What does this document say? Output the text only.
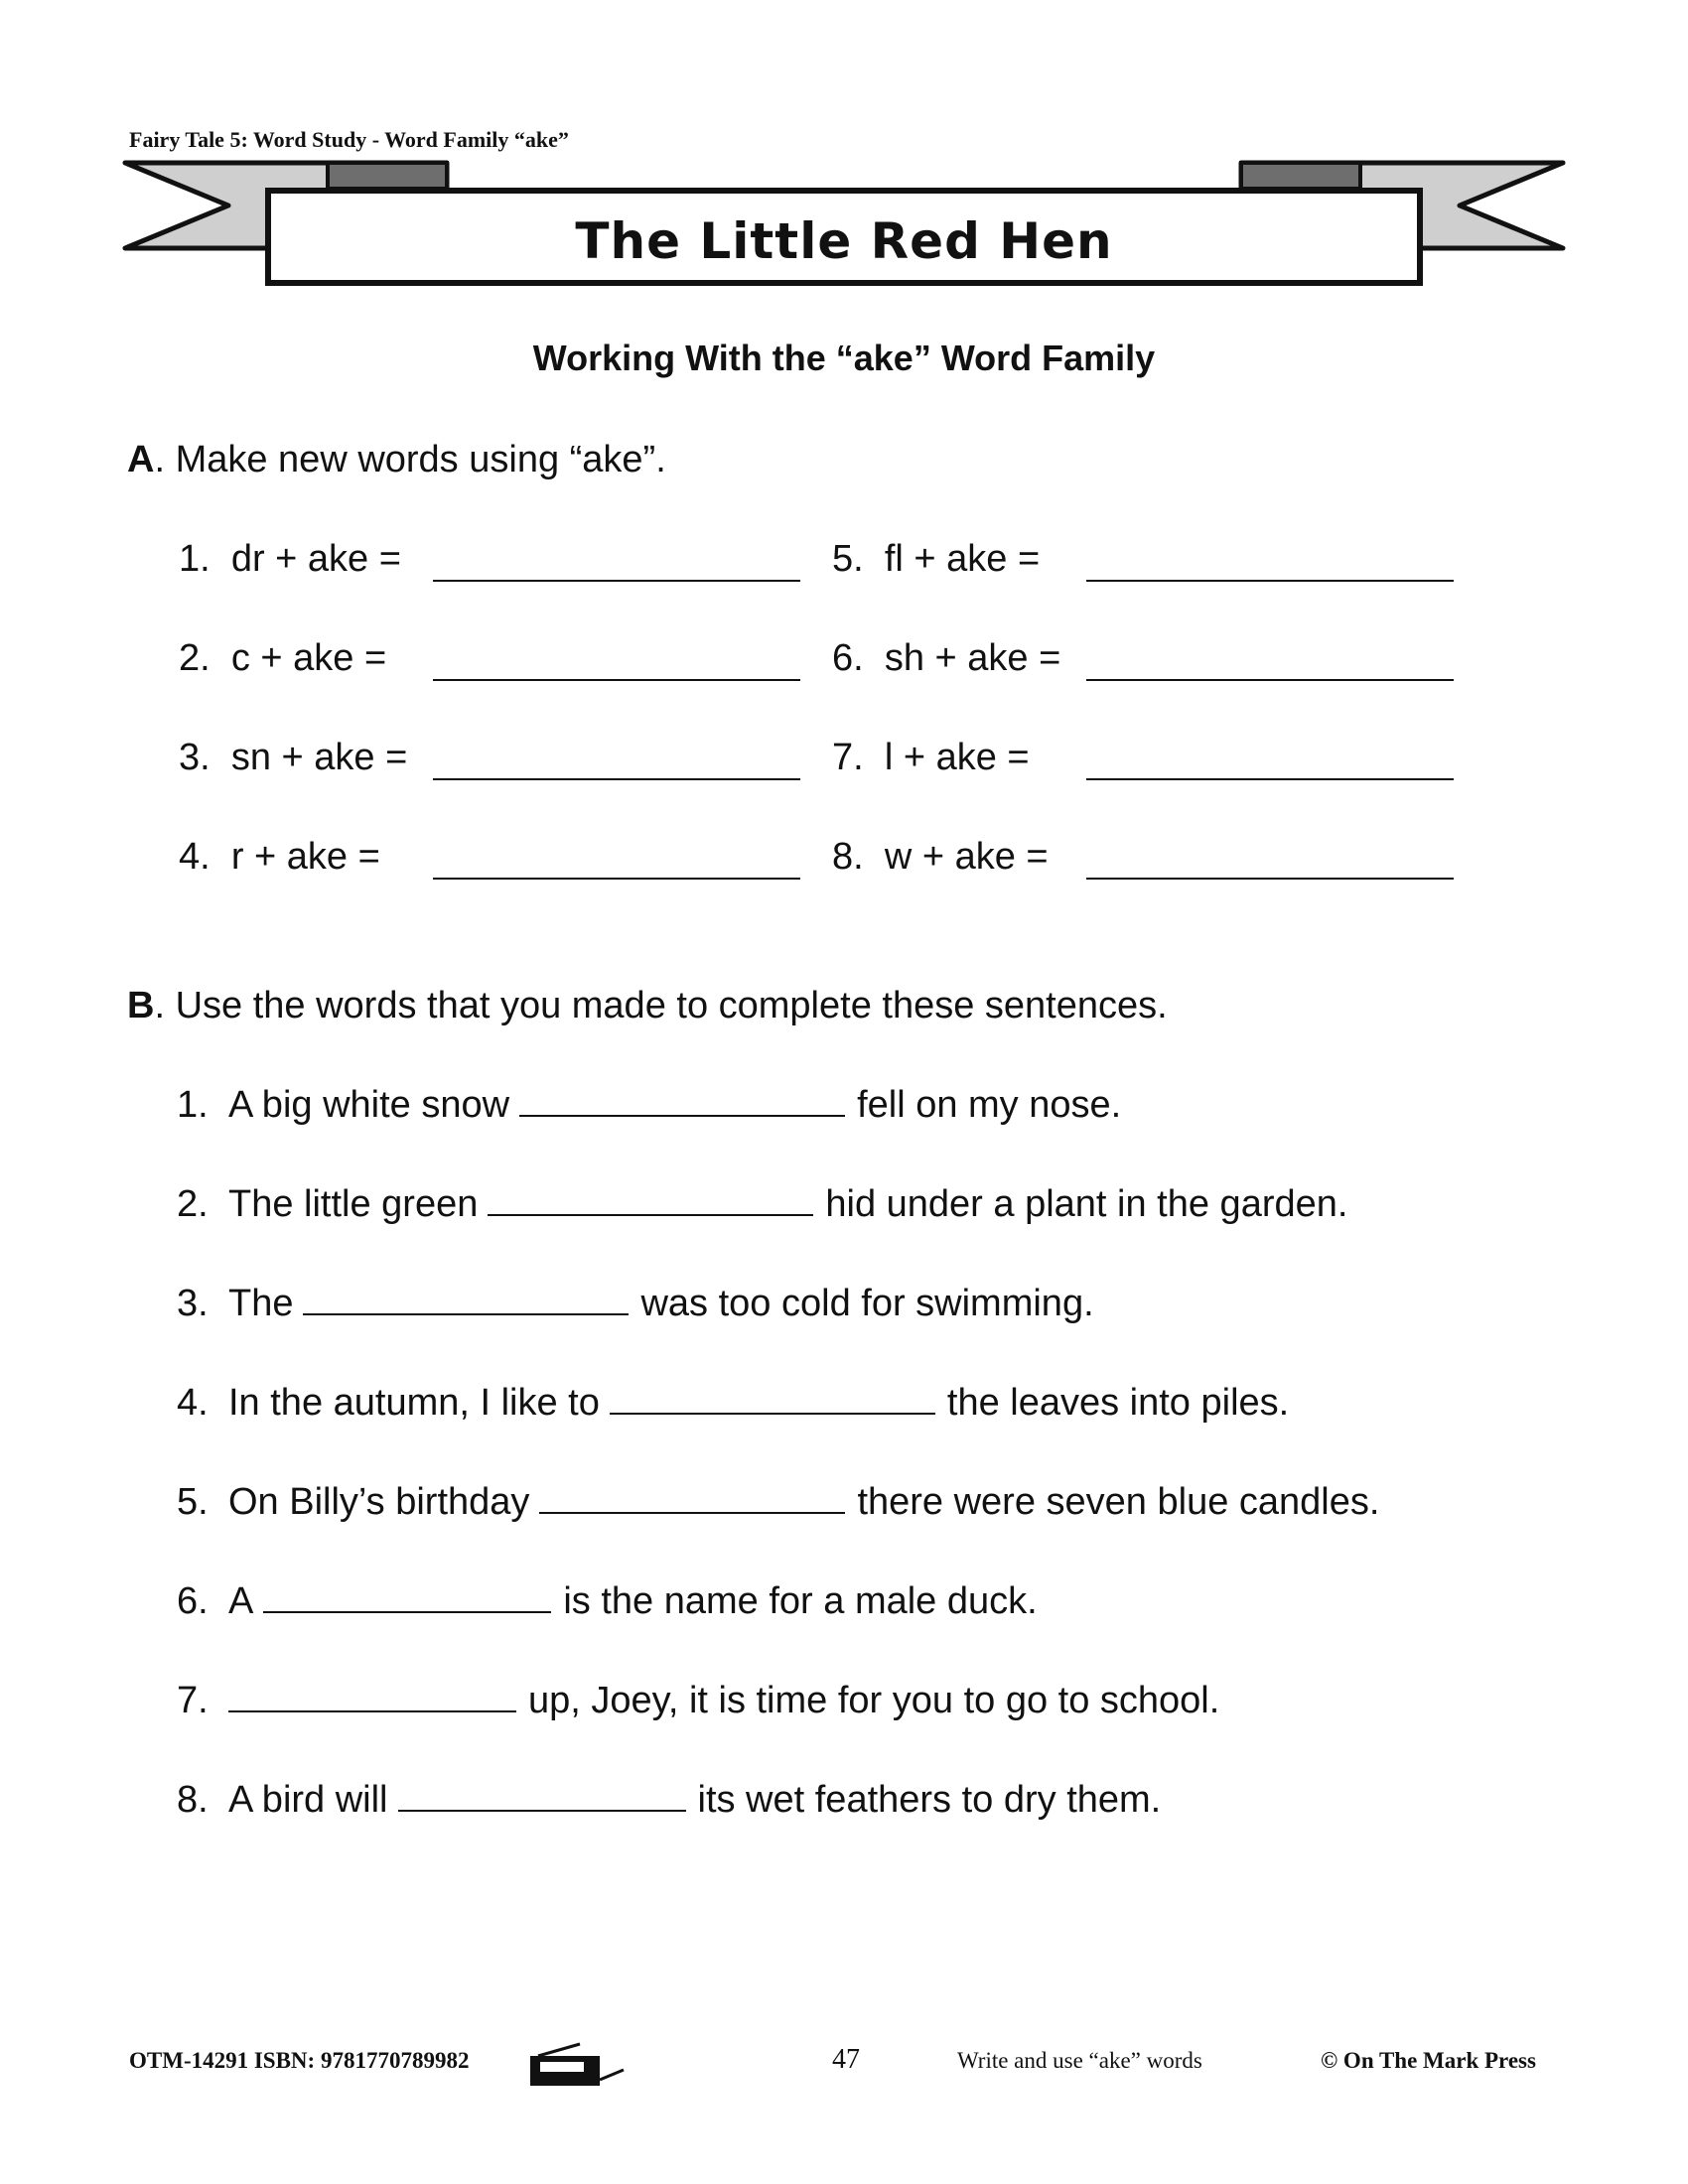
Fairy Tale 5: Word Study - Word Family “ake”
The Little Red Hen
Working With the “ake” Word Family
A. Make new words using “ake”.
1. dr + ake =
2. c + ake =
3. sn + ake =
4. r + ake =
5. fl + ake =
6. sh + ake =
7. l + ake =
8. w + ake =
B. Use the words that you made to complete these sentences.
1. A big white snow	fell on my nose.
2. The little green	hid under a plant in the garden.
3. The	was too cold for swimming.
4. In the autumn, I like to	the leaves into piles.
5. On Billy’s birthday	there were seven blue candles.
6. A	is the name for a male duck.
7.	up, Joey, it is time for you to go to school.
8. A bird will	its wet feathers to dry them.
OTM-14291 ISBN: 9781770789982	47	Write and use “ake” words	© On The Mark Press
